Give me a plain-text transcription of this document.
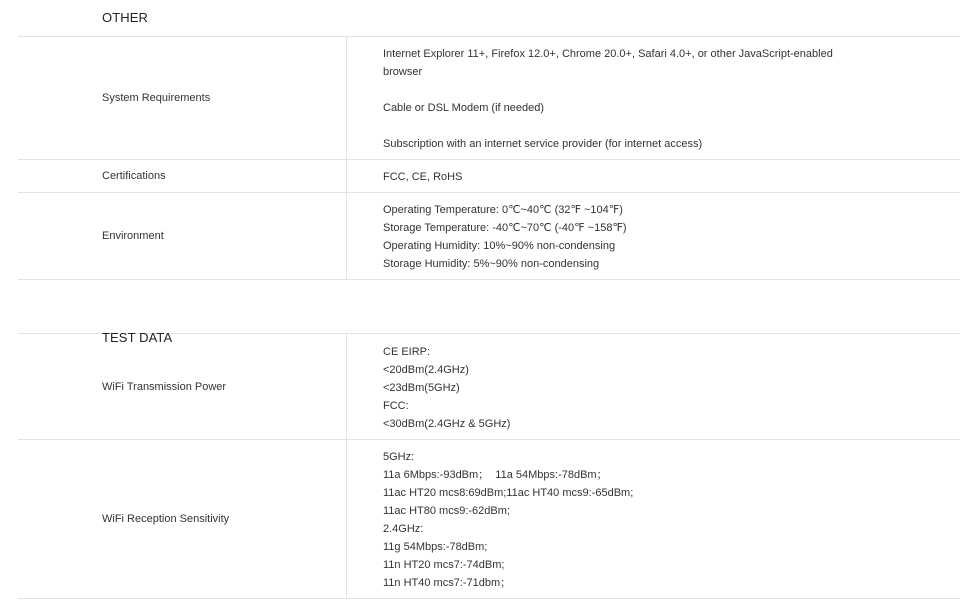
OTHER
System Requirements
Internet Explorer 11+, Firefox 12.0+, Chrome 20.0+, Safari 4.0+, or other JavaScript-enabled browser
Cable or DSL Modem (if needed)
Subscription with an internet service provider (for internet access)
Certifications	FCC, CE, RoHS
Environment
Operating Temperature: 0℃~40℃ (32℉ ~104℉)
Storage Temperature: -40℃~70℃ (-40℉ ~158℉)
Operating Humidity: 10%~90% non-condensing
Storage Humidity: 5%~90% non-condensing
TEST DATA
WiFi Transmission Power
CE EIRP:
<20dBm(2.4GHz)
<23dBm(5GHz)
FCC:
<30dBm(2.4GHz & 5GHz)
WiFi Reception Sensitivity
5GHz:
11a 6Mbps:-93dBm；  11a 54Mbps:-78dBm；
11ac HT20 mcs8:69dBm;11ac HT40 mcs9:-65dBm;
11ac HT80 mcs9:-62dBm;
2.4GHz:
11g 54Mbps:-78dBm;
11n HT20 mcs7:-74dBm;
11n HT40 mcs7:-71dbm；
